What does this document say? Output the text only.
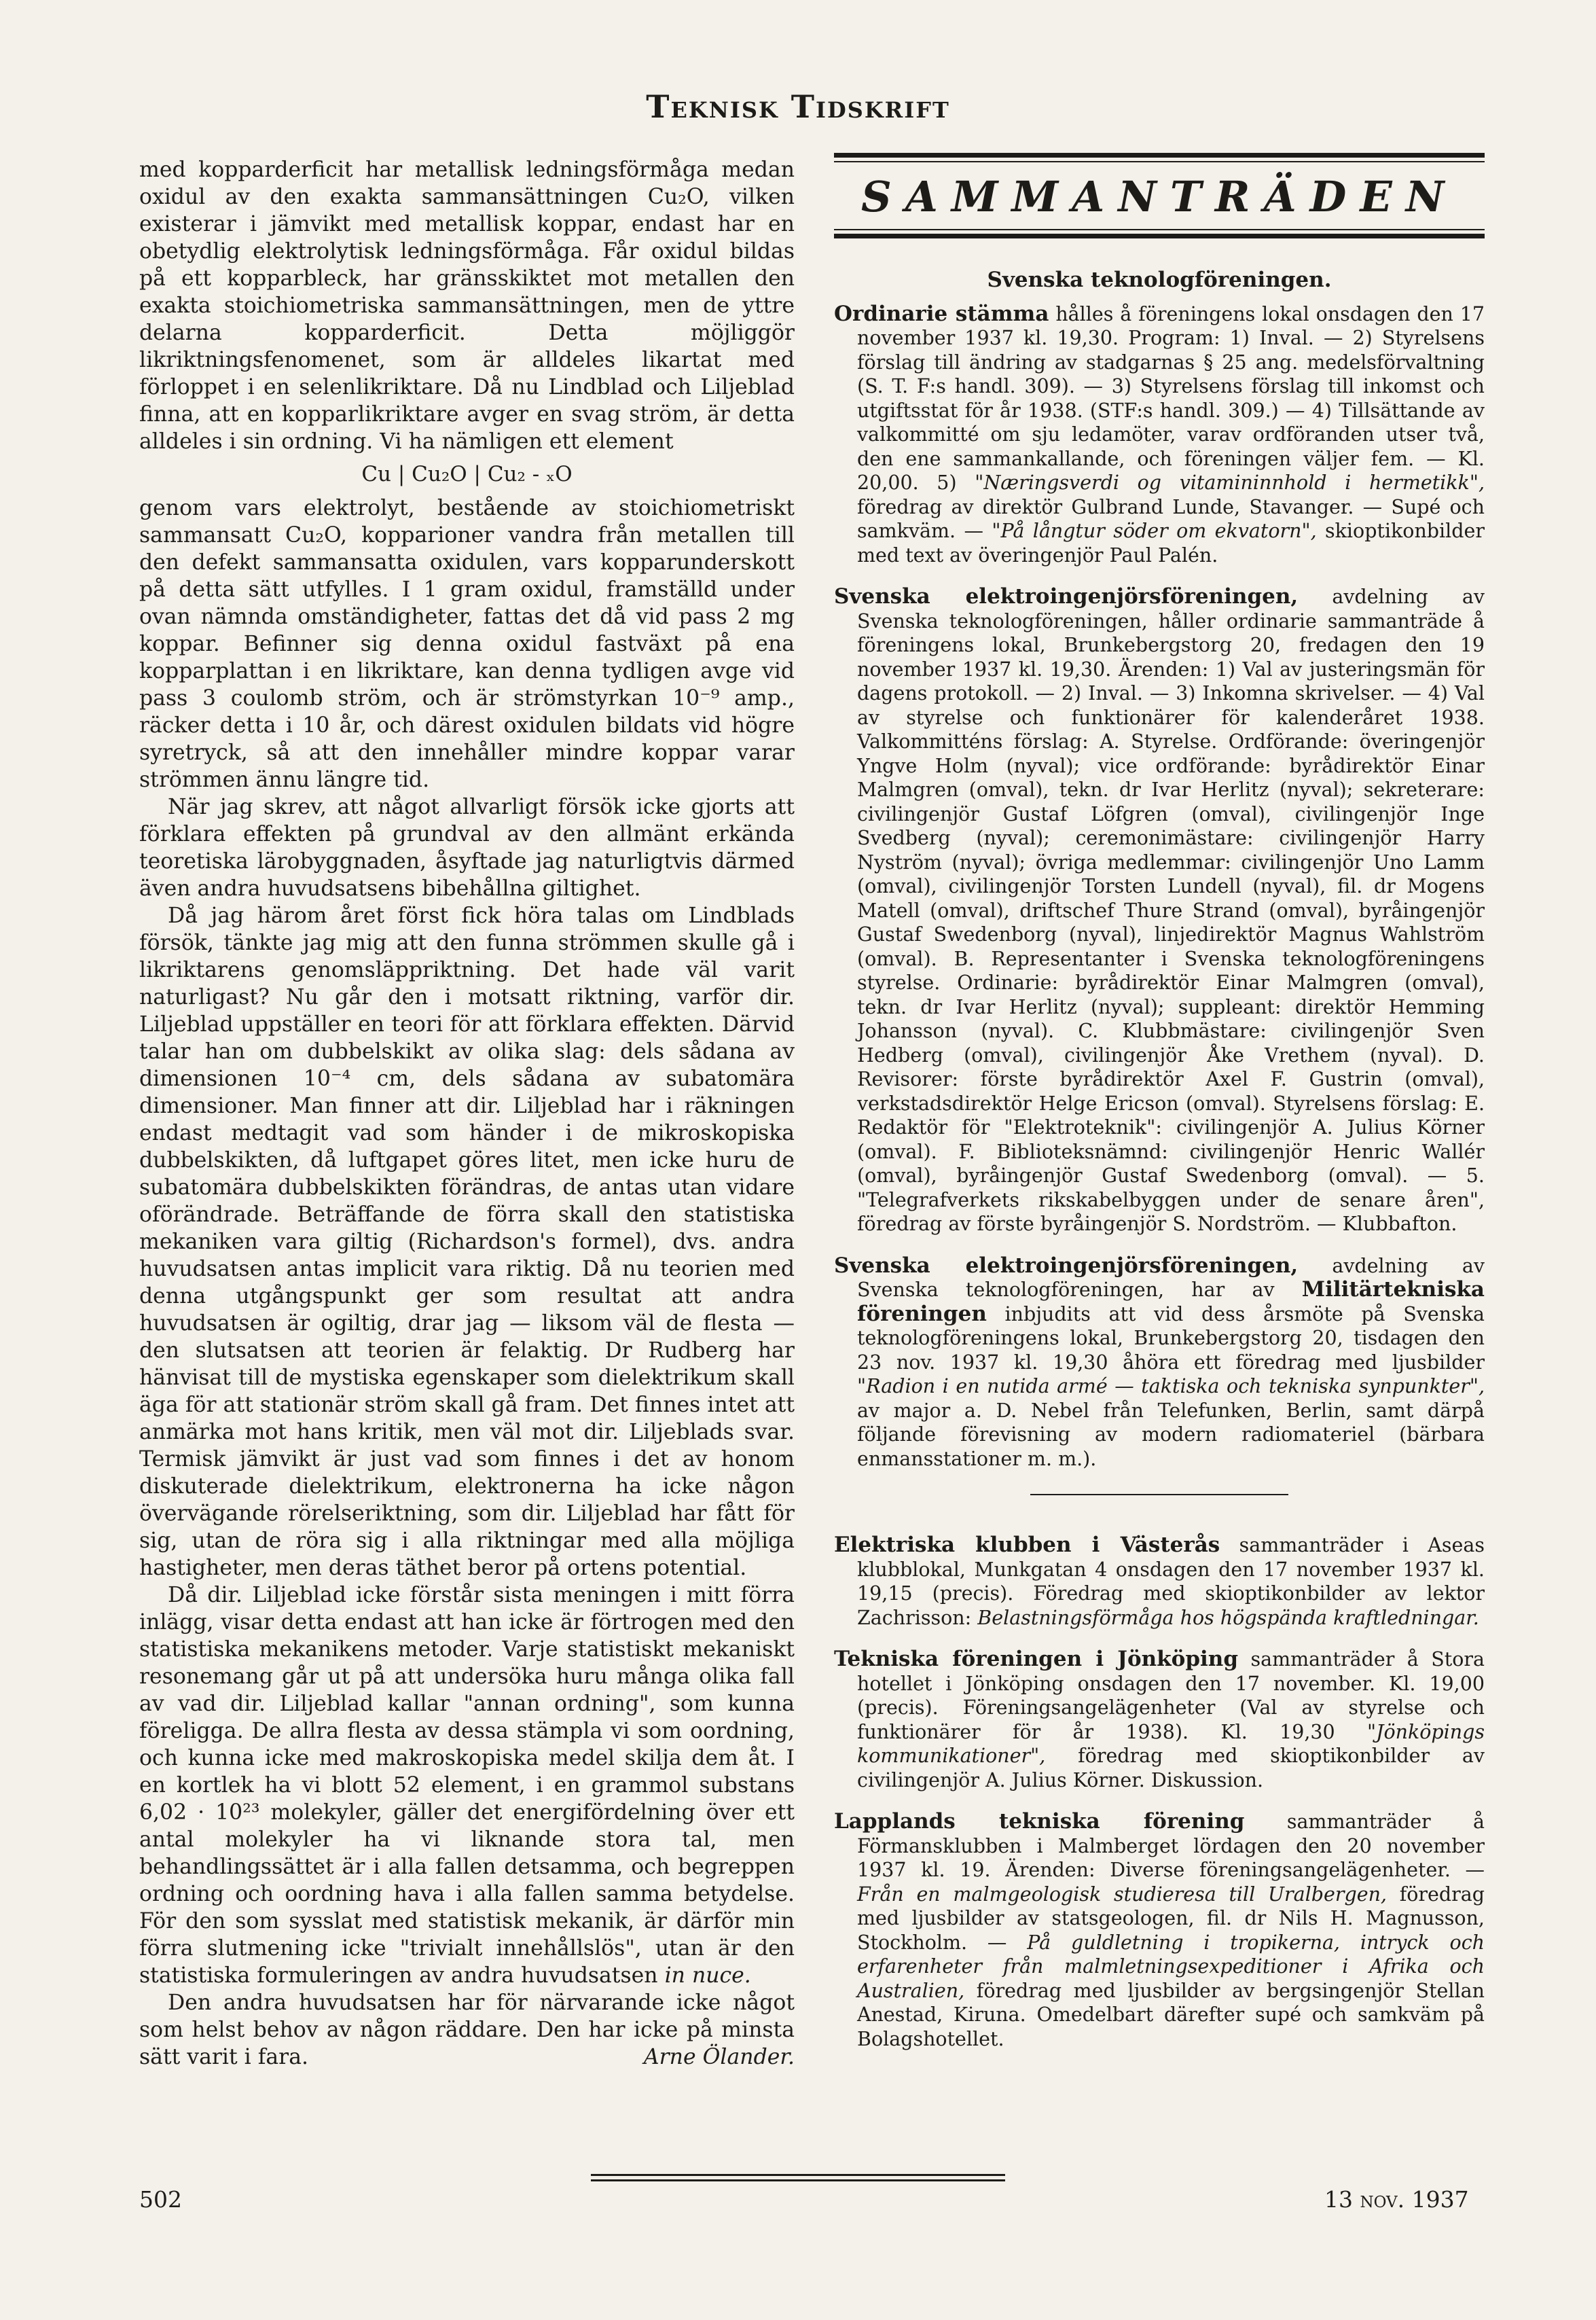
Teknisk Tidskrift

med kopparderficit har metallisk ledningsförmåga medan oxidul av den exakta sammansättningen Cu₂O, vilken existerar i jämvikt med metallisk koppar, endast har en obetydlig elektrolytisk ledningsförmåga. Får oxidul bildas på ett kopparbleck, har gränsskiktet mot metallen den exakta stoichiometriska sammansättningen, men de yttre delarna kopparderficit. Detta möjliggör likriktningsfenomenet, som är alldeles likartat med förloppet i en selenlikriktare. Då nu Lindblad och Liljeblad finna, att en kopparlikriktare avger en svag ström, är detta alldeles i sin ordning. Vi ha nämligen ett element

Cu | Cu₂O | Cu₂ - ₓO

genom vars elektrolyt, bestående av stoichiometriskt sammansatt Cu₂O, kopparioner vandra från metallen till den defekt sammansatta oxidulen, vars kopparunderskott på detta sätt utfylles. I 1 gram oxidul, framställd under ovan nämnda omständigheter, fattas det då vid pass 2 mg koppar. Befinner sig denna oxidul fastväxt på ena kopparplattan i en likriktare, kan denna tydligen avge vid pass 3 coulomb ström, och är strömstyrkan 10⁻⁹ amp., räcker detta i 10 år, och därest oxidulen bildats vid högre syretryck, så att den innehåller mindre koppar varar strömmen ännu längre tid.

När jag skrev, att något allvarligt försök icke gjorts att förklara effekten på grundval av den allmänt erkända teoretiska lärobyggnaden, åsyftade jag naturligtvis därmed även andra huvudsatsens bibehållna giltighet.

Då jag härom året först fick höra talas om Lindblads försök, tänkte jag mig att den funna strömmen skulle gå i likriktarens genomsläppriktning. Det hade väl varit naturligast? Nu går den i motsatt riktning, varför dir. Liljeblad uppställer en teori för att förklara effekten. Därvid talar han om dubbelskikt av olika slag: dels sådana av dimensionen 10⁻⁴ cm, dels sådana av subatomära dimensioner. Man finner att dir. Liljeblad har i räkningen endast medtagit vad som händer i de mikroskopiska dubbelskikten, då luftgapet göres litet, men icke huru de subatomära dubbelskikten förändras, de antas utan vidare oförändrade. Beträffande de förra skall den statistiska mekaniken vara giltig (Richardson's formel), dvs. andra huvudsatsen antas implicit vara riktig. Då nu teorien med denna utgångspunkt ger som resultat att andra huvudsatsen är ogiltig, drar jag — liksom väl de flesta — den slutsatsen att teorien är felaktig. Dr Rudberg har hänvisat till de mystiska egenskaper som dielektrikum skall äga för att stationär ström skall gå fram. Det finnes intet att anmärka mot hans kritik, men väl mot dir. Liljeblads svar. Termisk jämvikt är just vad som finnes i det av honom diskuterade dielektrikum, elektronerna ha icke någon övervägande rörelseriktning, som dir. Liljeblad har fått för sig, utan de röra sig i alla riktningar med alla möjliga hastigheter, men deras täthet beror på ortens potential.

Då dir. Liljeblad icke förstår sista meningen i mitt förra inlägg, visar detta endast att han icke är förtrogen med den statistiska mekanikens metoder. Varje statistiskt mekaniskt resonemang går ut på att undersöka huru många olika fall av vad dir. Liljeblad kallar "annan ordning", som kunna föreligga. De allra flesta av dessa stämpla vi som oordning, och kunna icke med makroskopiska medel skilja dem åt. I en kortlek ha vi blott 52 element, i en grammol substans 6,02 · 10²³ molekyler, gäller det energifördelning över ett antal molekyler ha vi liknande stora tal, men behandlingssättet är i alla fallen detsamma, och begreppen ordning och oordning hava i alla fallen samma betydelse. För den som sysslat med statistisk mekanik, är därför min förra slutmening icke "trivialt innehållslös", utan är den statistiska formuleringen av andra huvudsatsen in nuce.

Den andra huvudsatsen har för närvarande icke något som helst behov av någon räddare. Den har icke på minsta sätt varit i fara.	Arne Ölander.

SAMMANTRÄDEN
Svenska teknologföreningen.
Ordinarie stämma hålles å föreningens lokal onsdagen den 17 november 1937 kl. 19,30. Program: 1) Inval. — 2) Styrelsens förslag till ändring av stadgarnas § 25 ang. medelsförvaltning (S. T. F:s handl. 309). — 3) Styrelsens förslag till inkomst och utgiftsstat för år 1938. (STF:s handl. 309.) — 4) Tillsättande av valkommitté om sju ledamöter, varav ordföranden utser två, den ene sammankallande, och föreningen väljer fem. — Kl. 20,00. 5) "Næringsverdi og vitamininnhold i hermetikk", föredrag av direktör Gulbrand Lunde, Stavanger. — Supé och samkväm. — "På långtur söder om ekvatorn", skioptikonbilder med text av överingenjör Paul Palén.
Svenska elektroingenjörsföreningen, avdelning av Svenska teknologföreningen, håller ordinarie sammanträde å föreningens lokal, Brunkebergstorg 20, fredagen den 19 november 1937 kl. 19,30. Ärenden: 1) Val av justeringsmän för dagens protokoll. — 2) Inval. — 3) Inkomna skrivelser. — 4) Val av styrelse och funktionärer för kalenderåret 1938. Valkommitténs förslag: A. Styrelse. Ordförande: överingenjör Yngve Holm (nyval); vice ordförande: byrådirektör Einar Malmgren (omval), tekn. dr Ivar Herlitz (nyval); sekreterare: civilingenjör Gustaf Löfgren (omval), civilingenjör Inge Svedberg (nyval); ceremonimästare: civilingenjör Harry Nyström (nyval); övriga medlemmar: civilingenjör Uno Lamm (omval), civilingenjör Torsten Lundell (nyval), fil. dr Mogens Matell (omval), driftschef Thure Strand (omval), byråingenjör Gustaf Swedenborg (nyval), linjedirektör Magnus Wahlström (omval). B. Representanter i Svenska teknologföreningens styrelse. Ordinarie: byrådirektör Einar Malmgren (omval), tekn. dr Ivar Herlitz (nyval); suppleant: direktör Hemming Johansson (nyval). C. Klubbmästare: civilingenjör Sven Hedberg (omval), civilingenjör Åke Vrethem (nyval). D. Revisorer: förste byrådirektör Axel F. Gustrin (omval), verkstadsdirektör Helge Ericson (omval). Styrelsens förslag: E. Redaktör för "Elektroteknik": civilingenjör A. Julius Körner (omval). F. Biblioteksnämnd: civilingenjör Henric Wallér (omval), byråingenjör Gustaf Swedenborg (omval). — 5. "Telegrafverkets rikskabelbyggen under de senare åren", föredrag av förste byråingenjör S. Nordström. — Klubbafton.
Svenska elektroingenjörsföreningen, avdelning av Svenska teknologföreningen, har av Militärtekniska föreningen inbjudits att vid dess årsmöte på Svenska teknologföreningens lokal, Brunkebergstorg 20, tisdagen den 23 nov. 1937 kl. 19,30 åhöra ett föredrag med ljusbilder "Radion i en nutida armé — taktiska och tekniska synpunkter", av major a. D. Nebel från Telefunken, Berlin, samt därpå följande förevisning av modern radiomateriel (bärbara enmansstationer m. m.).
Elektriska klubben i Västerås sammanträder i Aseas klubblokal, Munkgatan 4 onsdagen den 17 november 1937 kl. 19,15 (precis). Föredrag med skioptikonbilder av lektor Zachrisson: Belastningsförmåga hos högspända kraftledningar.
Tekniska föreningen i Jönköping sammanträder å Stora hotellet i Jönköping onsdagen den 17 november. Kl. 19,00 (precis). Föreningsangelägenheter (Val av styrelse och funktionärer för år 1938). Kl. 19,30 "Jönköpings kommunikationer", föredrag med skioptikonbilder av civilingenjör A. Julius Körner. Diskussion.
Lapplands tekniska förening sammanträder å Förmansklubben i Malmberget lördagen den 20 november 1937 kl. 19. Ärenden: Diverse föreningsangelägenheter. — Från en malmgeologisk studieresa till Uralbergen, föredrag med ljusbilder av statsgeologen, fil. dr Nils H. Magnusson, Stockholm. — På guldletning i tropikerna, intryck och erfarenheter från malmletningsexpeditioner i Afrika och Australien, föredrag med ljusbilder av bergsingenjör Stellan Anestad, Kiruna. Omedelbart därefter supé och samkväm på Bolagshotellet.
502	13 nov. 1937
